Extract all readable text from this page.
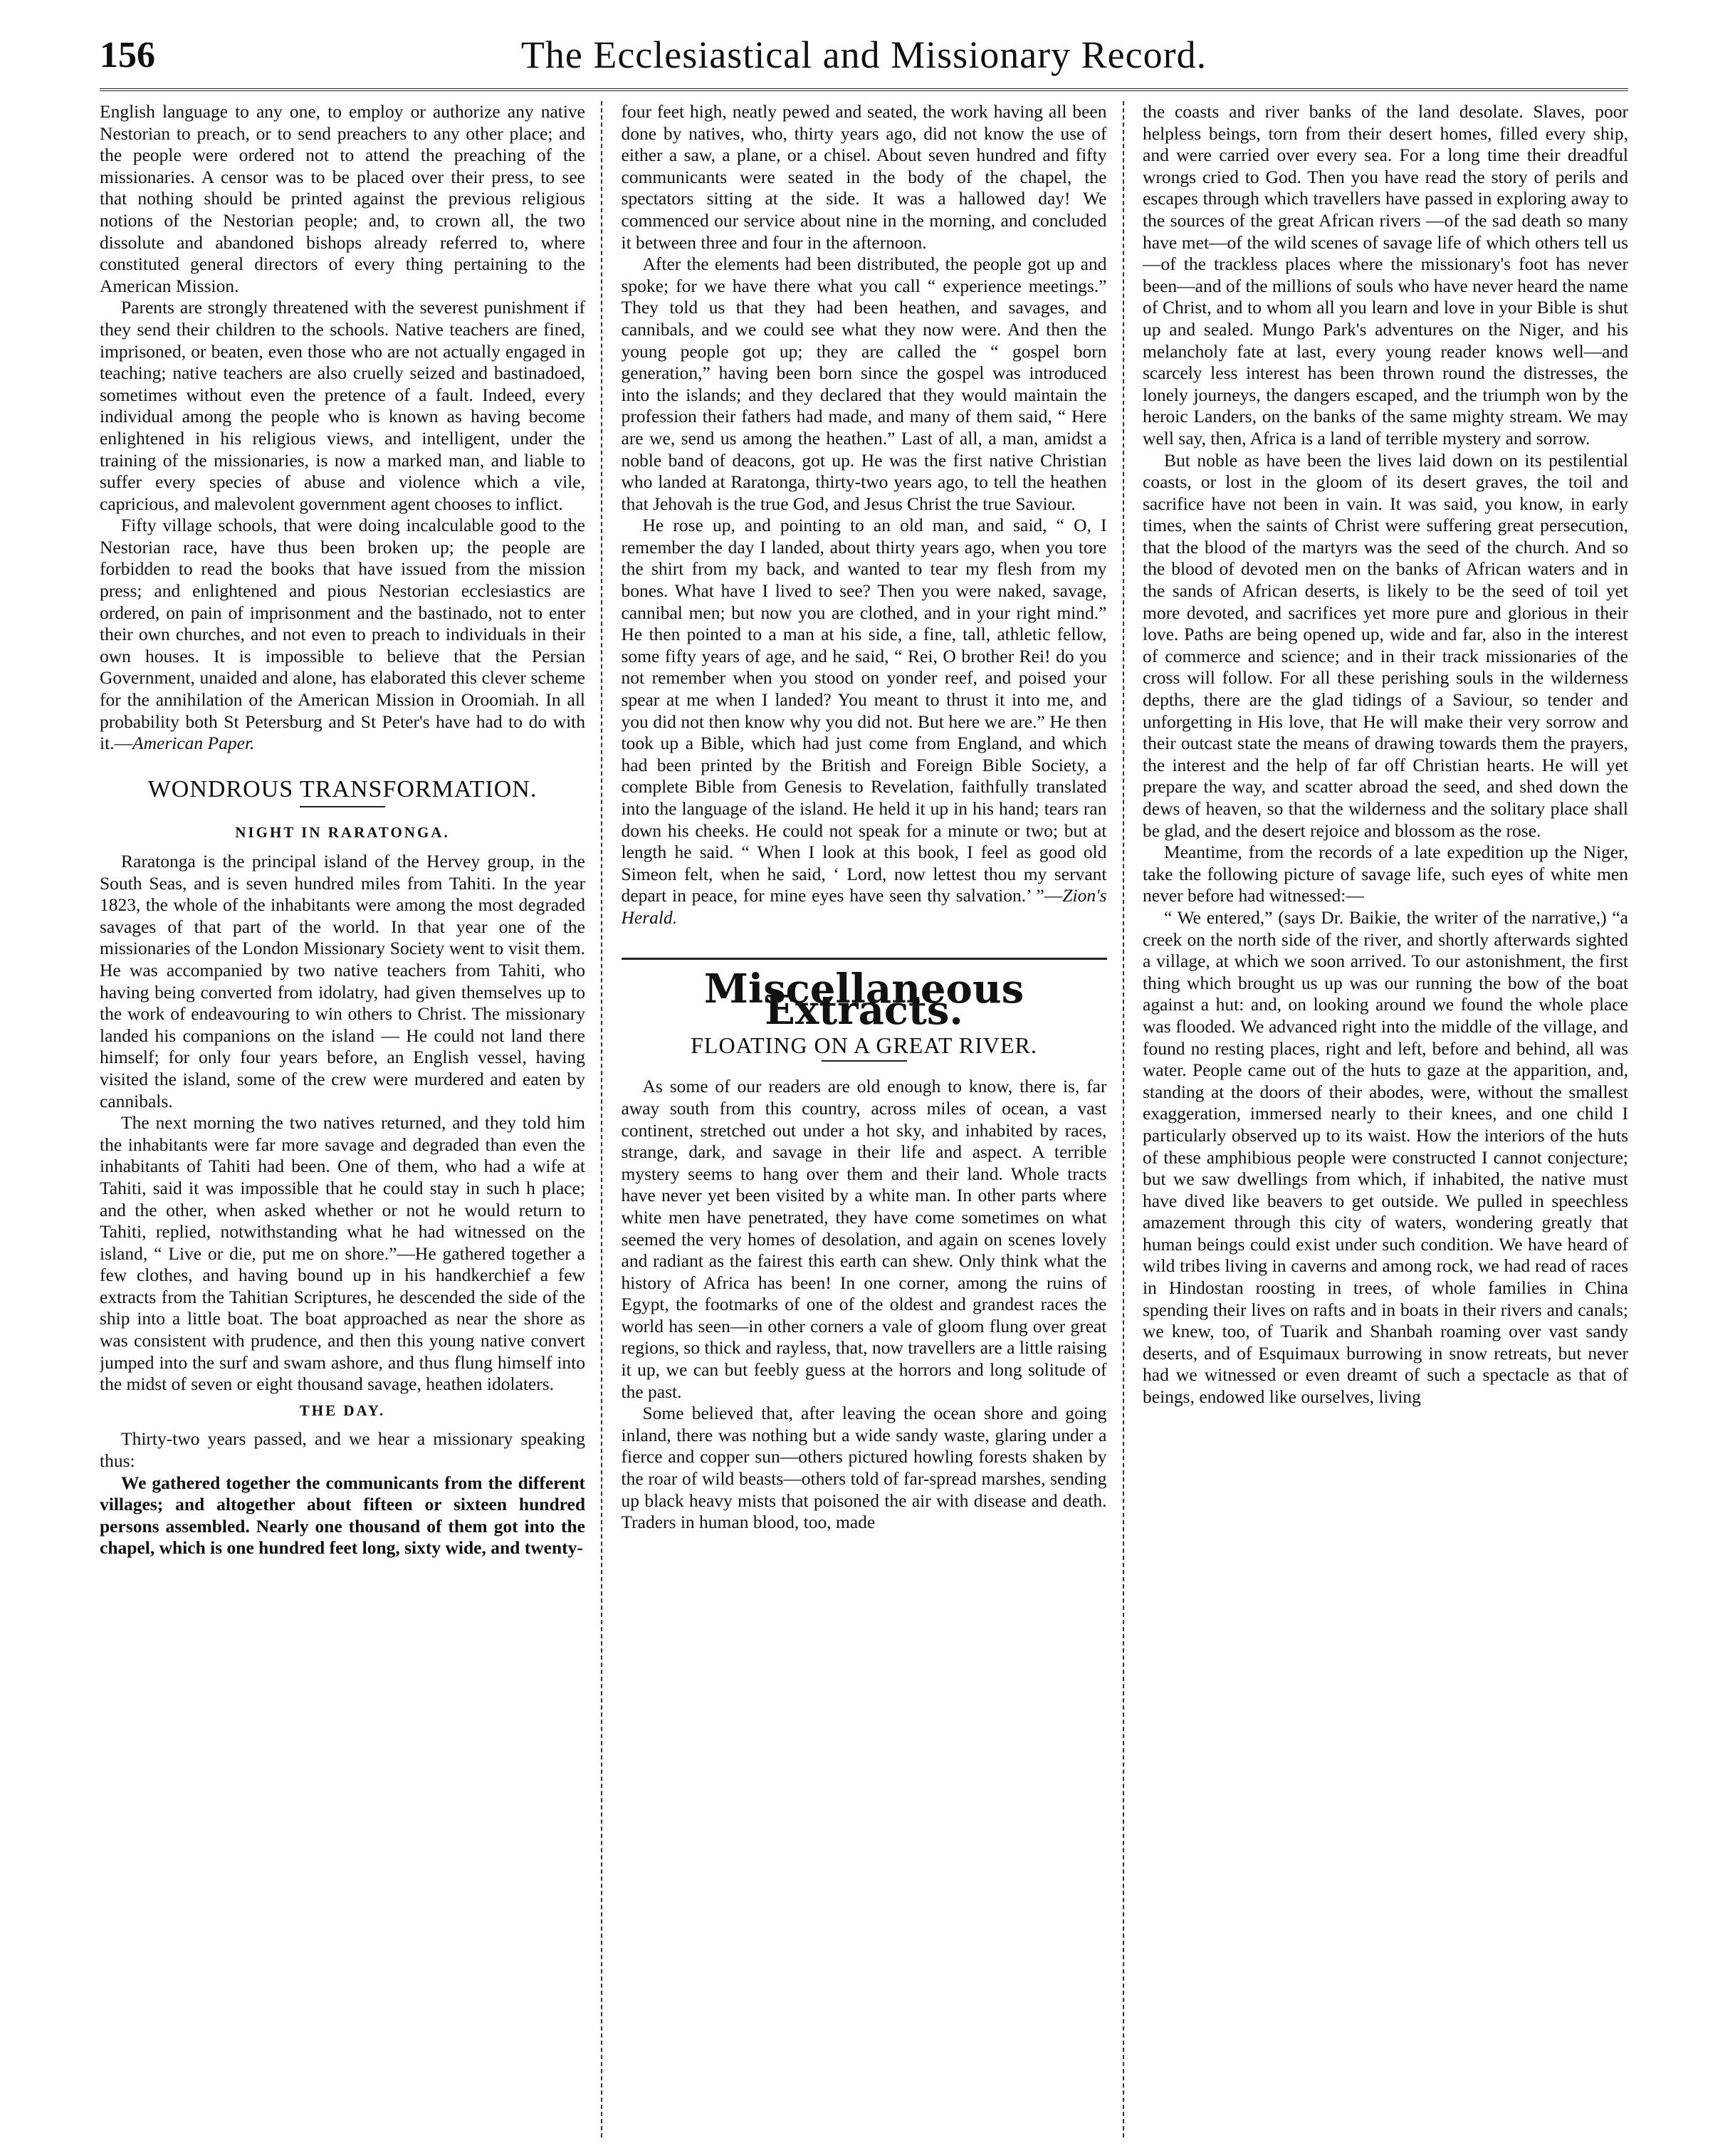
156	The Ecclesiastical and Missionary Record.

English language to any one, to employ or authorize any native Nestorian to preach, or to send preachers to any other place; and the people were ordered not to attend the preaching of the missionaries. A censor was to be placed over their press, to see that nothing should be printed against the previous religious notions of the Nestorian people; and, to crown all, the two dissolute and abandoned bishops already referred to, where constituted general directors of every thing pertaining to the American Mission.

Parents are strongly threatened with the severest punishment if they send their children to the schools. Native teachers are fined, imprisoned, or beaten, even those who are not actually engaged in teaching; native teachers are also cruelly seized and bastinadoed, sometimes without even the pretence of a fault. Indeed, every individual among the people who is known as having become enlightened in his religious views, and intelligent, under the training of the missionaries, is now a marked man, and liable to suffer every species of abuse and violence which a vile, capricious, and malevolent government agent chooses to inflict.

Fifty village schools, that were doing incalculable good to the Nestorian race, have thus been broken up; the people are forbidden to read the books that have issued from the mission press; and enlightened and pious Nestorian ecclesiastics are ordered, on pain of imprisonment and the bastinado, not to enter their own churches, and not even to preach to individuals in their own houses. It is impossible to believe that the Persian Government, unaided and alone, has elaborated this clever scheme for the annihilation of the American Mission in Oroomiah. In all probability both St Petersburg and St Peter's have had to do with it.—American Paper.

WONDROUS TRANSFORMATION.
NIGHT IN RARATONGA.

Raratonga is the principal island of the Hervey group, in the South Seas, and is seven hundred miles from Tahiti. In the year 1823, the whole of the inhabitants were among the most degraded savages of that part of the world. In that year one of the missionaries of the London Missionary Society went to visit them. He was accompanied by two native teachers from Tahiti, who having being converted from idolatry, had given themselves up to the work of endeavouring to win others to Christ. The missionary landed his companions on the island — He could not land there himself; for only four years before, an English vessel, having visited the island, some of the crew were murdered and eaten by cannibals.

The next morning the two natives returned, and they told him the inhabitants were far more savage and degraded than even the inhabitants of Tahiti had been. One of them, who had a wife at Tahiti, said it was impossible that he could stay in such h place; and the other, when asked whether or not he would return to Tahiti, replied, notwithstanding what he had witnessed on the island, “ Live or die, put me on shore.”—He gathered together a few clothes, and having bound up in his handkerchief a few extracts from the Tahitian Scriptures, he descended the side of the ship into a little boat. The boat approached as near the shore as was consistent with prudence, and then this young native convert jumped into the surf and swam ashore, and thus flung himself into the midst of seven or eight thousand savage, heathen idolaters.

THE DAY.

Thirty-two years passed, and we hear a missionary speaking thus:

We gathered together the communicants from the different villages; and altogether about fifteen or sixteen hundred persons assembled. Nearly one thousand of them got into the chapel, which is one hundred feet long, sixty wide, and twenty-

four feet high, neatly pewed and seated, the work having all been done by natives, who, thirty years ago, did not know the use of either a saw, a plane, or a chisel. About seven hundred and fifty communicants were seated in the body of the chapel, the spectators sitting at the side. It was a hallowed day! We commenced our service about nine in the morning, and concluded it between three and four in the afternoon.

After the elements had been distributed, the people got up and spoke; for we have there what you call “ experience meetings.” They told us that they had been heathen, and savages, and cannibals, and we could see what they now were. And then the young people got up; they are called the “ gospel born generation,” having been born since the gospel was introduced into the islands; and they declared that they would maintain the profession their fathers had made, and many of them said, “ Here are we, send us among the heathen.” Last of all, a man, amidst a noble band of deacons, got up. He was the first native Christian who landed at Raratonga, thirty-two years ago, to tell the heathen that Jehovah is the true God, and Jesus Christ the true Saviour.

He rose up, and pointing to an old man, and said, “ O, I remember the day I landed, about thirty years ago, when you tore the shirt from my back, and wanted to tear my flesh from my bones. What have I lived to see? Then you were naked, savage, cannibal men; but now you are clothed, and in your right mind.” He then pointed to a man at his side, a fine, tall, athletic fellow, some fifty years of age, and he said, “ Rei, O brother Rei! do you not remember when you stood on yonder reef, and poised your spear at me when I landed? You meant to thrust it into me, and you did not then know why you did not. But here we are.” He then took up a Bible, which had just come from England, and which had been printed by the British and Foreign Bible Society, a complete Bible from Genesis to Revelation, faithfully translated into the language of the island. He held it up in his hand; tears ran down his cheeks. He could not speak for a minute or two; but at length he said. “ When I look at this book, I feel as good old Simeon felt, when he said, ‘ Lord, now lettest thou my servant depart in peace, for mine eyes have seen thy salvation.’ ”—Zion's Herald.

Miscellaneous Extracts.
FLOATING ON A GREAT RIVER.

As some of our readers are old enough to know, there is, far away south from this country, across miles of ocean, a vast continent, stretched out under a hot sky, and inhabited by races, strange, dark, and savage in their life and aspect. A terrible mystery seems to hang over them and their land. Whole tracts have never yet been visited by a white man. In other parts where white men have penetrated, they have come sometimes on what seemed the very homes of desolation, and again on scenes lovely and radiant as the fairest this earth can shew. Only think what the history of Africa has been! In one corner, among the ruins of Egypt, the footmarks of one of the oldest and grandest races the world has seen—in other corners a vale of gloom flung over great regions, so thick and rayless, that, now travellers are a little raising it up, we can but feebly guess at the horrors and long solitude of the past.

Some believed that, after leaving the ocean shore and going inland, there was nothing but a wide sandy waste, glaring under a fierce and copper sun—others pictured howling forests shaken by the roar of wild beasts—others told of far-spread marshes, sending up black heavy mists that poisoned the air with disease and death. Traders in human blood, too, made

the coasts and river banks of the land desolate. Slaves, poor helpless beings, torn from their desert homes, filled every ship, and were carried over every sea. For a long time their dreadful wrongs cried to God. Then you have read the story of perils and escapes through which travellers have passed in exploring away to the sources of the great African rivers —of the sad death so many have met—of the wild scenes of savage life of which others tell us—of the trackless places where the missionary's foot has never been—and of the millions of souls who have never heard the name of Christ, and to whom all you learn and love in your Bible is shut up and sealed. Mungo Park's adventures on the Niger, and his melancholy fate at last, every young reader knows well—and scarcely less interest has been thrown round the distresses, the lonely journeys, the dangers escaped, and the triumph won by the heroic Landers, on the banks of the same mighty stream. We may well say, then, Africa is a land of terrible mystery and sorrow.

But noble as have been the lives laid down on its pestilential coasts, or lost in the gloom of its desert graves, the toil and sacrifice have not been in vain. It was said, you know, in early times, when the saints of Christ were suffering great persecution, that the blood of the martyrs was the seed of the church. And so the blood of devoted men on the banks of African waters and in the sands of African deserts, is likely to be the seed of toil yet more devoted, and sacrifices yet more pure and glorious in their love. Paths are being opened up, wide and far, also in the interest of commerce and science; and in their track missionaries of the cross will follow. For all these perishing souls in the wilderness depths, there are the glad tidings of a Saviour, so tender and unforgetting in His love, that He will make their very sorrow and their outcast state the means of drawing towards them the prayers, the interest and the help of far off Christian hearts. He will yet prepare the way, and scatter abroad the seed, and shed down the dews of heaven, so that the wilderness and the solitary place shall be glad, and the desert rejoice and blossom as the rose.

Meantime, from the records of a late expedition up the Niger, take the following picture of savage life, such eyes of white men never before had witnessed:—

“ We entered,” (says Dr. Baikie, the writer of the narrative,) “a creek on the north side of the river, and shortly afterwards sighted a village, at which we soon arrived. To our astonishment, the first thing which brought us up was our running the bow of the boat against a hut: and, on looking around we found the whole place was flooded. We advanced right into the middle of the village, and found no resting places, right and left, before and behind, all was water. People came out of the huts to gaze at the apparition, and, standing at the doors of their abodes, were, without the smallest exaggeration, immersed nearly to their knees, and one child I particularly observed up to its waist. How the interiors of the huts of these amphibious people were constructed I cannot conjecture; but we saw dwellings from which, if inhabited, the native must have dived like beavers to get outside. We pulled in speechless amazement through this city of waters, wondering greatly that human beings could exist under such condition. We have heard of wild tribes living in caverns and among rock, we had read of races in Hindostan roosting in trees, of whole families in China spending their lives on rafts and in boats in their rivers and canals; we knew, too, of Tuarik and Shanbah roaming over vast sandy deserts, and of Esquimaux burrowing in snow retreats, but never had we witnessed or even dreamt of such a spectacle as that of beings, endowed like ourselves, living
